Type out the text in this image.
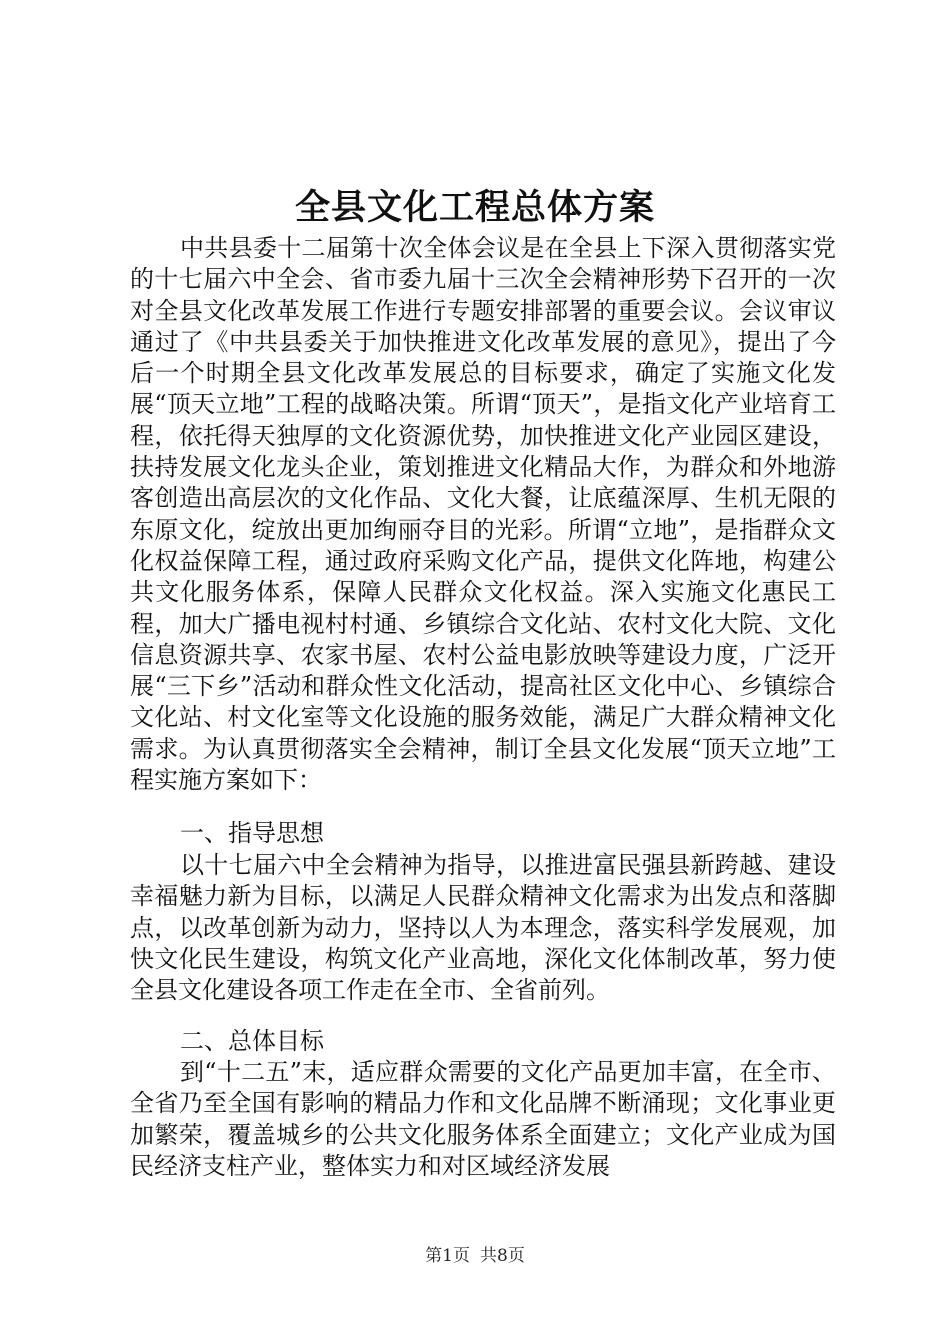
全县文化工程总体方案

中共县委十二届第十次全体会议是在全县上下深入贯彻落实党的十七届六中全会、省市委九届十三次全会精神形势下召开的一次对全县文化改革发展工作进行专题安排部署的重要会议。会议审议通过了《中共县委关于加快推进文化改革发展的意见》，提出了今后一个时期全县文化改革发展总的目标要求，确定了实施文化发展“顶天立地”工程的战略决策。所谓“顶天”，是指文化产业培育工程，依托得天独厚的文化资源优势，加快推进文化产业园区建设，扶持发展文化龙头企业，策划推进文化精品大作，为群众和外地游客创造出高层次的文化作品、文化大餐，让底蕴深厚、生机无限的东原文化，绽放出更加绚丽夺目的光彩。所谓“立地”，是指群众文化权益保障工程，通过政府采购文化产品，提供文化阵地，构建公共文化服务体系，保障人民群众文化权益。深入实施文化惠民工程，加大广播电视村村通、乡镇综合文化站、农村文化大院、文化信息资源共享、农家书屋、农村公益电影放映等建设力度，广泛开展“三下乡”活动和群众性文化活动，提高社区文化中心、乡镇综合文化站、村文化室等文化设施的服务效能，满足广大群众精神文化需求。为认真贯彻落实全会精神，制订全县文化发展“顶天立地”工程实施方案如下：

一、指导思想

以十七届六中全会精神为指导，以推进富民强县新跨越、建设幸福魅力新为目标，以满足人民群众精神文化需求为出发点和落脚点，以改革创新为动力，坚持以人为本理念，落实科学发展观，加快文化民生建设，构筑文化产业高地，深化文化体制改革，努力使全县文化建设各项工作走在全市、全省前列。

二、总体目标

到“十二五”末，适应群众需要的文化产品更加丰富，在全市、全省乃至全国有影响的精品力作和文化品牌不断涌现；文化事业更加繁荣，覆盖城乡的公共文化服务体系全面建立；文化产业成为国民经济支柱产业，整体实力和对区域经济发展

第1页 共8页
